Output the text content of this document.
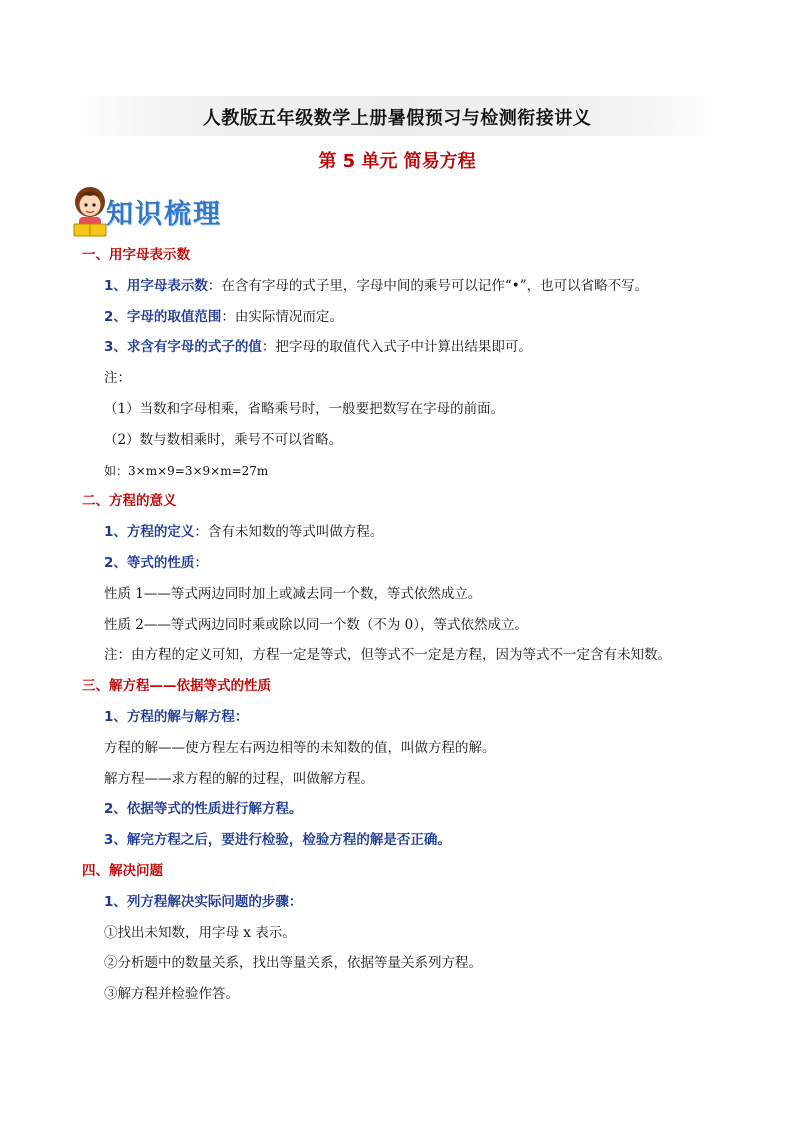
人教版五年级数学上册暑假预习与检测衔接讲义
第 5 单元 简易方程
知识梳理
一、用字母表示数
1、用字母表示数：在含有字母的式子里，字母中间的乘号可以记作“•”，也可以省略不写。
2、字母的取值范围：由实际情况而定。
3、求含有字母的式子的值：把字母的取值代入式子中计算出结果即可。
注：
（1）当数和字母相乘，省略乘号时，一般要把数写在字母的前面。
（2）数与数相乘时，乘号不可以省略。
如：3×m×9=3×9×m=27m
二、方程的意义
1、方程的定义：含有未知数的等式叫做方程。
2、等式的性质：
性质 1——等式两边同时加上或减去同一个数，等式依然成立。
性质 2——等式两边同时乘或除以同一个数（不为 0），等式依然成立。
注：由方程的定义可知，方程一定是等式，但等式不一定是方程，因为等式不一定含有未知数。
三、解方程——依据等式的性质
1、方程的解与解方程：
方程的解——使方程左右两边相等的未知数的值，叫做方程的解。
解方程——求方程的解的过程，叫做解方程。
2、依据等式的性质进行解方程。
3、解完方程之后，要进行检验，检验方程的解是否正确。
四、解决问题
1、列方程解决实际问题的步骤：
①找出未知数，用字母 x 表示。
②分析题中的数量关系，找出等量关系，依据等量关系列方程。
③解方程并检验作答。
